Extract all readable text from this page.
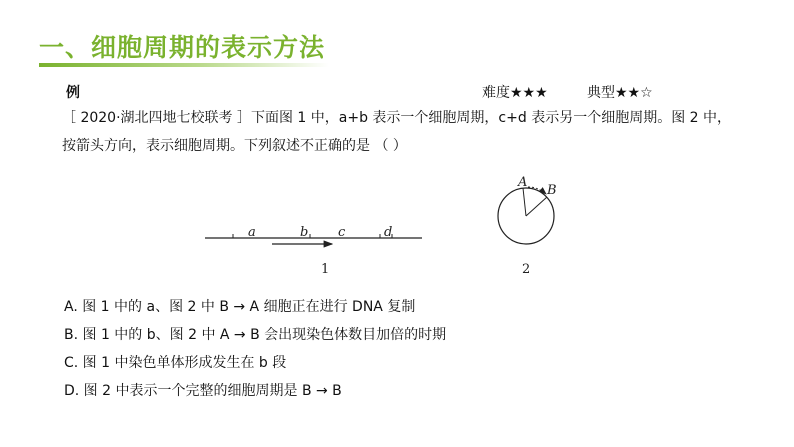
一、细胞周期的表示方法
例	难度★★★	典型★★☆
［ 2020·湖北四地七校联考 ］下面图 1 中，a+b 表示一个细胞周期，c+d 表示另一个细胞周期。图 2 中，
按箭头方向，表示细胞周期。下列叙述不正确的是 （ ）
a	b c	d
1
A
B
2
A. 图 1 中的 a、图 2 中 B → A 细胞正在进行 DNA 复制
B. 图 1 中的 b、图 2 中 A → B 会出现染色体数目加倍的时期
C. 图 1 中染色单体形成发生在 b 段
D. 图 2 中表示一个完整的细胞周期是 B → B
